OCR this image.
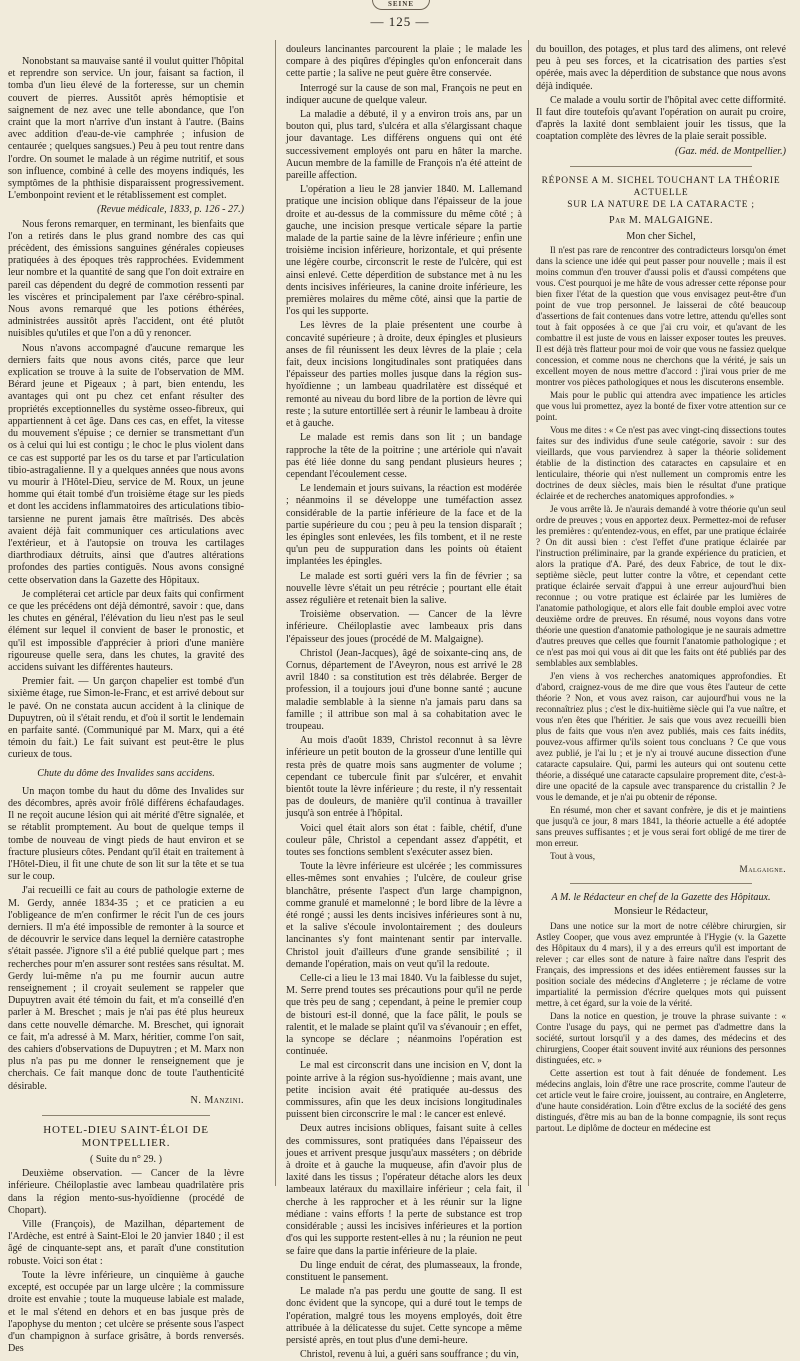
SEINE
— 125 —

Nonobstant sa mauvaise santé il voulut quitter l'hôpital et reprendre son service. Un jour, faisant sa faction, il tomba d'un lieu élevé de la forteresse, sur un chemin couvert de pierres. Aussitôt après hémoptisie et saignement de nez avec une telle abondance, que l'on craint que la mort n'arrive d'un instant à l'autre. (Bains avec addition d'eau-de-vie camphrée ; infusion de centaurée ; quelques sangsues.) Peu à peu tout rentre dans l'ordre. On soumet le malade à un régime nutritif, et sous son influence, combiné à celle des moyens indiqués, les symptômes de la phthisie disparaissent progressivement. L'embonpoint revient et le rétablissement est complet.

(Revue médicale, 1833, p. 126 - 27.)

Nous ferons remarquer, en terminant, les bienfaits que l'on a retirés dans le plus grand nombre des cas qui précèdent, des émissions sanguines générales copieuses pratiquées à des époques très rapprochées. Evidemment leur nombre et la quantité de sang que l'on doit extraire en pareil cas dépendent du degré de commotion ressenti par les viscères et principalement par l'axe cérébro-spinal. Nous avons remarqué que les potions éthérées, administrées aussitôt après l'accident, ont été plutôt nuisibles qu'utiles et que l'on a dû y renoncer.

Nous n'avons accompagné d'aucune remarque les derniers faits que nous avons cités, parce que leur explication se trouve à la suite de l'observation de MM. Bérard jeune et Pigeaux ; à part, bien entendu, les avantages qui ont pu chez cet enfant résulter des propriétés exceptionnelles du système osseo-fibreux, qui appartiennent à cet âge. Dans ces cas, en effet, la vitesse du mouvement s'épuise ; ce dernier se transmettant d'un os à celui qui lui est contigu ; le choc le plus violent dans ce cas est supporté par les os du tarse et par l'articulation tibio-astragalienne. Il y a quelques années que nous avons vu mourir à l'Hôtel-Dieu, service de M. Roux, un jeune homme qui était tombé d'un troisième étage sur les pieds et dont les accidens inflammatoires des articulations tibio-tarsienne ne purent jamais être maîtrisés. Des abcès avaient déjà fait communiquer ces articulations avec l'extérieur, et à l'autopsie on trouva les cartilages diarthrodiaux détruits, ainsi que d'autres altérations profondes des parties contiguës. Nous avons consigné cette observation dans la Gazette des Hôpitaux.

Je compléterai cet article par deux faits qui confirment ce que les précédens ont déjà démontré, savoir : que, dans les chutes en général, l'élévation du lieu n'est pas le seul élément sur lequel il convient de baser le pronostic, et qu'il est impossible d'apprécier à priori d'une manière rigoureuse quelle sera, dans les chutes, la gravité des accidens suivant les différentes hauteurs.

Premier fait. — Un garçon chapelier est tombé d'un sixième étage, rue Simon-le-Franc, et est arrivé debout sur le pavé. On ne constata aucun accident à la clinique de Dupuytren, où il s'était rendu, et d'où il sortit le lendemain en parfaite santé. (Communiqué par M. Marx, qui a été témoin du fait.) Le fait suivant est peut-être le plus curieux de tous.

Chute du dôme des Invalides sans accidens.

Un maçon tombe du haut du dôme des Invalides sur des décombres, après avoir frôlé différens échafaudages. Il ne reçoit aucune lésion qui ait mérité d'être signalée, et se rétablit promptement. Au bout de quelque temps il tombe de nouveau de vingt pieds de haut environ et se fracture plusieurs côtes. Pendant qu'il était en traitement à l'Hôtel-Dieu, il fit une chute de son lit sur la tête et se tua sur le coup.

J'ai recueilli ce fait au cours de pathologie externe de M. Gerdy, année 1834-35 ; et ce praticien a eu l'obligeance de m'en confirmer le récit l'un de ces jours derniers. Il m'a été impossible de remonter à la source et de découvrir le service dans lequel la dernière catastrophe s'était passée. J'ignore s'il a été publié quelque part ; mes recherches pour m'en assurer sont restées sans résultat. M. Gerdy lui-même n'a pu me fournir aucun autre renseignement ; il croyait seulement se rappeler que Dupuytren avait été témoin du fait, et m'a conseillé d'en parler à M. Breschet ; mais je n'ai pas été plus heureux dans cette nouvelle démarche. M. Breschet, qui ignorait ce fait, m'a adressé à M. Marx, héritier, comme l'on sait, des cahiers d'observations de Dupuytren ; et M. Marx non plus n'a pas pu me donner le renseignement que je cherchais. Ce fait manque donc de toute l'authenticité désirable.

N. Manzini.

HOTEL-DIEU SAINT-ÉLOI DE MONTPELLIER.

( Suite du n° 29. )

Deuxième observation. — Cancer de la lèvre inférieure. Chéiloplastie avec lambeau quadrilatère pris dans la région mento-sus-hyoïdienne (procédé de Chopart).

Ville (François), de Mazilhan, département de l'Ardèche, est entré à Saint-Eloi le 20 janvier 1840 ; il est âgé de cinquante-sept ans, et paraît d'une constitution robuste. Voici son état :

Toute la lèvre inférieure, un cinquième à gauche excepté, est occupée par un large ulcère ; la commissure droite est envahie ; toute la muqueuse labiale est malade, et le mal s'étend en dehors et en bas jusque près de l'apophyse du menton ; cet ulcère se présente sous l'aspect d'un champignon à surface grisâtre, à bords renversés. Des

douleurs lancinantes parcourent la plaie ; le malade les compare à des piqûres d'épingles qu'on enfoncerait dans cette partie ; la salive ne peut guère être conservée.

Interrogé sur la cause de son mal, François ne peut en indiquer aucune de quelque valeur.

La maladie a débuté, il y a environ trois ans, par un bouton qui, plus tard, s'ulcéra et alla s'élargissant chaque jour davantage. Les différens onguens qui ont été successivement employés ont paru en hâter la marche. Aucun membre de la famille de François n'a été atteint de pareille affection.

L'opération a lieu le 28 janvier 1840. M. Lallemand pratique une incision oblique dans l'épaisseur de la joue droite et au-dessus de la commissure du même côté ; à gauche, une incision presque verticale sépare la partie malade de la partie saine de la lèvre inférieure ; enfin une troisième incision inférieure, horizontale, et qui présente une légère courbe, circonscrit le reste de l'ulcère, qui est ainsi enlevé. Cette déperdition de substance met à nu les dents incisives inférieures, la canine droite inférieure, les premières molaires du même côté, ainsi que la partie de l'os qui les supporte.

Les lèvres de la plaie présentent une courbe à concavité supérieure ; à droite, deux épingles et plusieurs anses de fil réunissent les deux lèvres de la plaie ; cela fait, deux incisions longitudinales sont pratiquées dans l'épaisseur des parties molles jusque dans la région sus-hyoïdienne ; un lambeau quadrilatère est disséqué et remonté au niveau du bord libre de la portion de lèvre qui reste ; la suture entortillée sert à réunir le lambeau à droite et à gauche.

Le malade est remis dans son lit ; un bandage rapproche la tête de la poitrine ; une artériole qui n'avait pas été liée donne du sang pendant plusieurs heures ; cependant l'écoulement cesse.

Le lendemain et jours suivans, la réaction est modérée ; néanmoins il se développe une tuméfaction assez considérable de la partie inférieure de la face et de la partie supérieure du cou ; peu à peu la tension disparaît ; les épingles sont enlevées, les fils tombent, et il ne reste qu'un peu de suppuration dans les points où étaient implantées les épingles.

Le malade est sorti guéri vers la fin de février ; sa nouvelle lèvre s'était un peu rétrécie ; pourtant elle était assez régulière et retenait bien la salive.

Troisième observation. — Cancer de la lèvre inférieure. Chéiloplastie avec lambeaux pris dans l'épaisseur des joues (procédé de M. Malgaigne).

Christol (Jean-Jacques), âgé de soixante-cinq ans, de Cornus, département de l'Aveyron, nous est arrivé le 28 avril 1840 : sa constitution est très délabrée. Berger de profession, il a toujours joui d'une bonne santé ; aucune maladie semblable à la sienne n'a jamais paru dans sa famille ; il attribue son mal à sa cohabitation avec le troupeau.

Au mois d'août 1839, Christol reconnut à sa lèvre inférieure un petit bouton de la grosseur d'une lentille qui resta près de quatre mois sans augmenter de volume ; cependant ce tubercule finit par s'ulcérer, et envahit bientôt toute la lèvre inférieure ; du reste, il n'y ressentait pas de douleurs, de manière qu'il continua à travailler jusqu'à son entrée à l'hôpital.

Voici quel était alors son état : faible, chétif, d'une couleur pâle, Christol a cependant assez d'appétit, et toutes ses fonctions semblent s'exécuter assez bien.

Toute la lèvre inférieure est ulcérée ; les commissures elles-mêmes sont envahies ; l'ulcère, de couleur grise blanchâtre, présente l'aspect d'un large champignon, comme granulé et mamelonné ; le bord libre de la lèvre a été rongé ; aussi les dents incisives inférieures sont à nu, et la salive s'écoule involontairement ; des douleurs lancinantes s'y font maintenant sentir par intervalle. Christol jouit d'ailleurs d'une grande sensibilité ; il demande l'opération, mais on veut qu'il la redoute.

Celle-ci a lieu le 13 mai 1840. Vu la faiblesse du sujet, M. Serre prend toutes ses précautions pour qu'il ne perde que très peu de sang ; cependant, à peine le premier coup de bistouri est-il donné, que la face pâlit, le pouls se ralentit, et le malade se plaint qu'il va s'évanouir ; en effet, la syncope se déclare ; néanmoins l'opération est continuée.

Le mal est circonscrit dans une incision en V, dont la pointe arrive à la région sus-hyoïdienne ; mais avant, une petite incision avait été pratiquée au-dessus des commissures, afin que les deux incisions longitudinales puissent bien circonscrire le mal : le cancer est enlevé.

Deux autres incisions obliques, faisant suite à celles des commissures, sont pratiquées dans l'épaisseur des joues et arrivent presque jusqu'aux masséters ; on débride à droite et à gauche la muqueuse, afin d'avoir plus de laxité dans les tissus ; l'opérateur détache alors les deux lambeaux latéraux du maxillaire inférieur ; cela fait, il cherche à les rapprocher et à les réunir sur la ligne médiane : vains efforts ! la perte de substance est trop considérable ; aussi les incisives inférieures et la portion d'os qui les supporte restent-elles à nu ; la réunion ne peut se faire que dans la partie inférieure de la plaie.

Du linge enduit de cérat, des plumasseaux, la fronde, constituent le pansement.

Le malade n'a pas perdu une goutte de sang. Il est donc évident que la syncope, qui a duré tout le temps de l'opération, malgré tous les moyens employés, doit être attribuée à la délicatesse du sujet. Cette syncope a même persisté après, en tout plus d'une demi-heure.

Christol, revenu à lui, a guéri sans souffrance ; du vin,

du bouillon, des potages, et plus tard des alimens, ont relevé peu à peu ses forces, et la cicatrisation des parties s'est opérée, mais avec la déperdition de substance que nous avons déjà indiquée.

Ce malade a voulu sortir de l'hôpital avec cette difformité. Il faut dire toutefois qu'avant l'opération on aurait pu croire, d'après la laxité dont semblaient jouir les tissus, que la coaptation complète des lèvres de la plaie serait possible.

(Gaz. méd. de Montpellier.)

RÉPONSE A M. SICHEL TOUCHANT LA THÉORIE ACTUELLE

SUR LA NATURE DE LA CATARACTE ;

Par M. MALGAIGNE.

Mon cher Sichel,

Il n'est pas rare de rencontrer des contradicteurs lorsqu'on émet dans la science une idée qui peut passer pour nouvelle ; mais il est moins commun d'en trouver d'aussi polis et d'aussi compétens que vous. C'est pourquoi je me hâte de vous adresser cette réponse pour bien fixer l'état de la question que vous envisagez peut-être d'un point de vue trop personnel. Je laisserai de côté beaucoup d'assertions de fait contenues dans votre lettre, attendu qu'elles sont tout à fait opposées à ce que j'ai cru voir, et qu'avant de les combattre il est juste de vous en laisser exposer toutes les preuves. Il est déjà très flatteur pour moi de voir que vous ne fassiez quelque concession, et comme nous ne cherchons que la vérité, je sais un excellent moyen de nous mettre d'accord : j'irai vous prier de me montrer vos pièces pathologiques et nous les discuterons ensemble.

Mais pour le public qui attendra avec impatience les articles que vous lui promettez, ayez la bonté de fixer votre attention sur ce point.

Vous me dites : « Ce n'est pas avec vingt-cinq dissections toutes faites sur des individus d'une seule catégorie, savoir : sur des vieillards, que vous parviendrez à saper la théorie solidement établie de la distinction des cataractes en capsulaire et en lenticulaire, théorie qui n'est nullement un compromis entre les doctrines de deux siècles, mais bien le résultat d'une pratique éclairée et de recherches anatomiques approfondies. »

Je vous arrête là. Je n'aurais demandé à votre théorie qu'un seul ordre de preuves ; vous en apportez deux. Permettez-moi de refuser les premières : qu'entendez-vous, en effet, par une pratique éclairée ? On dit aussi bien : c'est l'effet d'une pratique éclairée par l'instruction préliminaire, par la grande expérience du praticien, et alors la pratique d'A. Paré, des deux Fabrice, de tout le dix-septième siècle, peut lutter contre la vôtre, et cependant cette pratique éclairée servait d'appui à une erreur aujourd'hui bien reconnue ; ou votre pratique est éclairée par les lumières de l'anatomie pathologique, et alors elle fait double emploi avec votre deuxième ordre de preuves. En résumé, nous voyons dans votre théorie une question d'anatomie pathologique je ne saurais admettre d'autres preuves que celles que fournit l'anatomie pathologique ; et ce n'est pas moi qui vous ai dit que les faits ont été publiés par des semblables aux semblables.

J'en viens à vos recherches anatomiques approfondies. Et d'abord, craignez-vous de me dire que vous êtes l'auteur de cette théorie ? Non, et vous avez raison, car aujourd'hui vous ne la reconnaîtriez plus ; c'est le dix-huitième siècle qui l'a vue naître, et vous n'en êtes que l'héritier. Je sais que vous avez recueilli bien plus de faits que vous n'en avez publiés, mais ces faits inédits, pouvez-vous affirmer qu'ils soient tous concluans ? Ce que vous avez publié, je l'ai lu ; et je n'y ai trouvé aucune dissection d'une cataracte capsulaire. Qui, parmi les auteurs qui ont soutenu cette théorie, a disséqué une cataracte capsulaire proprement dite, c'est-à-dire une opacité de la capsule avec transparence du cristallin ? Je vous le demande, et je n'ai pu obtenir de réponse.

En résumé, mon cher et savant confrère, je dis et je maintiens que jusqu'à ce jour, 8 mars 1841, la théorie actuelle a été adoptée sans preuves suffisantes ; et je vous serai fort obligé de me tirer de mon erreur.

Tout à vous,

Malgaigne.

A M. le Rédacteur en chef de la Gazette des Hôpitaux.

Monsieur le Rédacteur,

Dans une notice sur la mort de notre célèbre chirurgien, sir Astley Cooper, que vous avez empruntée à l'Hygie (v. la Gazette des Hôpitaux du 4 mars), il y a des erreurs qu'il est important de relever ; car elles sont de nature à faire naître dans l'esprit des Français, des impressions et des idées entièrement fausses sur la position sociale des médecins d'Angleterre ; je réclame de votre impartialité la permission d'écrire quelques mots qui puissent mettre, à cet égard, sur la voie de la vérité.

Dans la notice en question, je trouve la phrase suivante : « Contre l'usage du pays, qui ne permet pas d'admettre dans la société, surtout lorsqu'il y a des dames, des médecins et des chirurgiens, Cooper était souvent invité aux réunions des personnes distinguées, etc. »

Cette assertion est tout à fait dénuée de fondement. Les médecins anglais, loin d'être une race proscrite, comme l'auteur de cet article veut le faire croire, jouissent, au contraire, en Angleterre, d'une haute considération. Loin d'être exclus de la société des gens distingués, d'être mis au ban de la bonne compagnie, ils sont reçus partout. Le diplôme de docteur en médecine est
